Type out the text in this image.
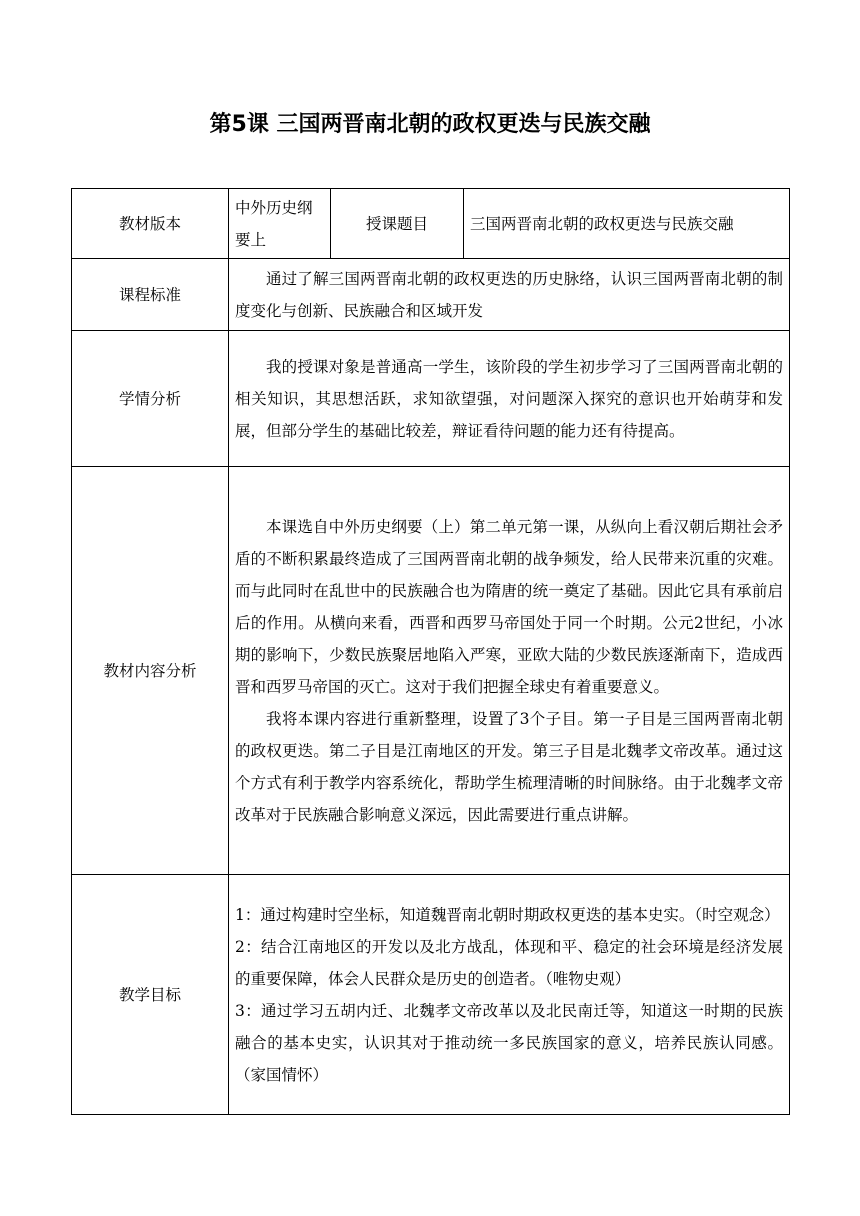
第5课 三国两晋南北朝的政权更迭与民族交融
教材版本	中外历史纲要上	授课题目	三国两晋南北朝的政权更迭与民族交融
课程标准	通过了解三国两晋南北朝的政权更迭的历史脉络，认识三国两晋南北朝的制度变化与创新、民族融合和区域开发		

学情分析	我的授课对象是普通高一学生，该阶段的学生初步学习了三国两晋南北朝的相关知识，其思想活跃，求知欲望强，对问题深入探究的意识也开始萌芽和发展，但部分学生的基础比较差，辩证看待问题的能力还有待提高。		

教材内容分析	本课选自中外历史纲要（上）第二单元第一课，从纵向上看汉朝后期社会矛盾的不断积累最终造成了三国两晋南北朝的战争频发，给人民带来沉重的灾难。而与此同时在乱世中的民族融合也为隋唐的统一奠定了基础。因此它具有承前启后的作用。从横向来看，西晋和西罗马帝国处于同一个时期。公元2世纪，小冰期的影响下，少数民族聚居地陷入严寒，亚欧大陆的少数民族逐渐南下，造成西晋和西罗马帝国的灭亡。这对于我们把握全球史有着重要意义。

我将本课内容进行重新整理，设置了3个子目。第一子目是三国两晋南北朝的政权更迭。第二子目是江南地区的开发。第三子目是北魏孝文帝改革。通过这个方式有利于教学内容系统化，帮助学生梳理清晰的时间脉络。由于北魏孝文帝改革对于民族融合影响意义深远，因此需要进行重点讲解。		

教学目标	1：通过构建时空坐标，知道魏晋南北朝时期政权更迭的基本史实。（时空观念）

2：结合江南地区的开发以及北方战乱，体现和平、稳定的社会环境是经济发展的重要保障，体会人民群众是历史的创造者。（唯物史观）

3：通过学习五胡内迁、北魏孝文帝改革以及北民南迁等，知道这一时期的民族融合的基本史实，认识其对于推动统一多民族国家的意义，培养民族认同感。（家国情怀）		
